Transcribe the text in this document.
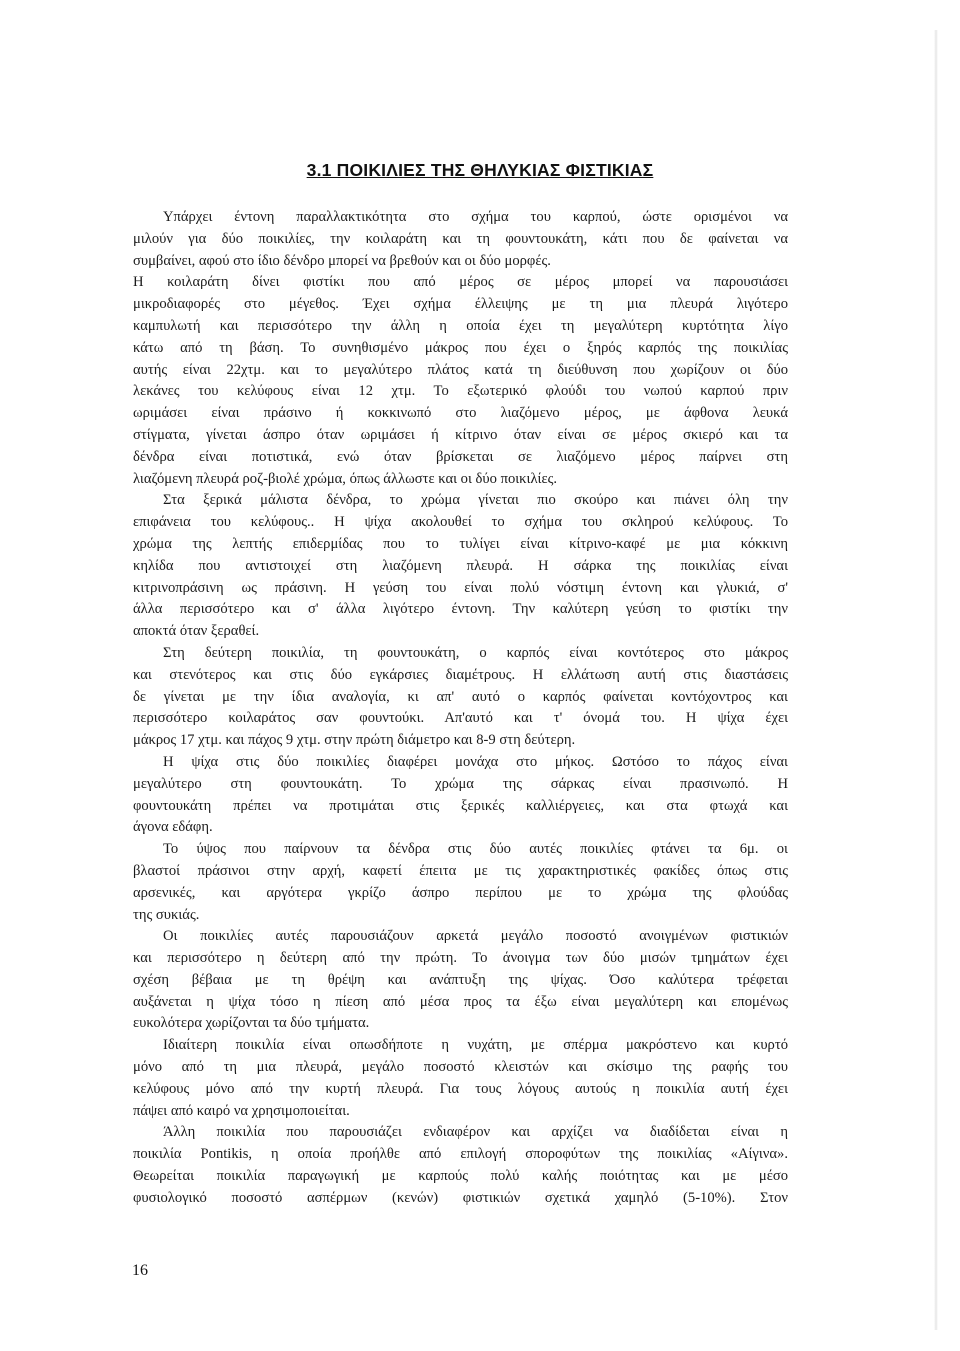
3.1 ΠΟΙΚΙΛΙΕΣ ΤΗΣ ΘΗΛΥΚΙΑΣ ΦΙΣΤΙΚΙΑΣ
Υπάρχει έντονη παραλλακτικότητα στο σχήμα του καρπού, ώστε ορισμένοι να
μιλούν για δύο ποικιλίες, την κοιλαράτη και τη φουντουκάτη, κάτι που δε φαίνεται να
συμβαίνει, αφού στο ίδιο δένδρο μπορεί να βρεθούν και οι δύο μορφές.
Η κοιλαράτη δίνει φιστίκι που από μέρος σε μέρος μπορεί να παρουσιάσει
μικροδιαφορές στο μέγεθος. Έχει σχήμα έλλειψης με τη μια πλευρά λιγότερο
καμπυλωτή και περισσότερο την άλλη η οποία έχει τη μεγαλύτερη κυρτότητα λίγο
κάτω από τη βάση. Το συνηθισμένο μάκρος που έχει ο ξηρός καρπός της ποικιλίας
αυτής είναι 22χτμ. και το μεγαλύτερο πλάτος κατά τη διεύθυνση που χωρίζουν οι δύο
λεκάνες του κελύφους είναι 12 χτμ. Το εξωτερικό φλούδι του νωπού καρπού πριν
ωριμάσει είναι πράσινο ή κοκκινωπό στο λιαζόμενο μέρος, με άφθονα λευκά
στίγματα, γίνεται άσπρο όταν ωριμάσει ή κίτρινο όταν είναι σε μέρος σκιερό και τα
δένδρα είναι ποτιστικά, ενώ όταν βρίσκεται σε λιαζόμενο μέρος παίρνει στη
λιαζόμενη πλευρά ροζ-βιολέ χρώμα, όπως άλλωστε και οι δύο ποικιλίες.
Στα ξερικά μάλιστα δένδρα, το χρώμα γίνεται πιο σκούρο και πιάνει όλη την
επιφάνεια του κελύφους.. Η ψίχα ακολουθεί το σχήμα του σκληρού κελύφους. Το
χρώμα της λεπτής επιδερμίδας που το τυλίγει είναι κίτρινο-καφέ με μια κόκκινη
κηλίδα που αντιστοιχεί στη λιαζόμενη πλευρά. Η σάρκα της ποικιλίας είναι
κιτρινοπράσινη ως πράσινη. Η γεύση του είναι πολύ νόστιμη έντονη και γλυκιά, σ'
άλλα περισσότερο και σ' άλλα λιγότερο έντονη. Την καλύτερη γεύση το φιστίκι την
αποκτά όταν ξεραθεί.
Στη δεύτερη ποικιλία, τη φουντουκάτη, ο καρπός είναι κοντότερος στο μάκρος
και στενότερος και στις δύο εγκάρσιες διαμέτρους. Η ελλάτωση αυτή στις διαστάσεις
δε γίνεται με την ίδια αναλογία, κι απ' αυτό ο καρπός φαίνεται κοντόχοντρος και
περισσότερο κοιλαράτος σαν φουντούκι. Απ'αυτό και τ' όνομά του. Η ψίχα έχει
μάκρος 17 χτμ. και πάχος 9 χτμ. στην πρώτη διάμετρο και 8-9 στη δεύτερη.
Η ψίχα στις δύο ποικιλίες διαφέρει μονάχα στο μήκος. Ωστόσο το πάχος είναι
μεγαλύτερο στη φουντουκάτη. Το χρώμα της σάρκας είναι πρασινωπό. Η
φουντουκάτη πρέπει να προτιμάται στις ξερικές καλλιέργειες, και στα φτωχά και
άγονα εδάφη.
Το ύψος που παίρνουν τα δένδρα στις δύο αυτές ποικιλίες φτάνει τα 6μ. οι
βλαστοί πράσινοι στην αρχή, καφετί έπειτα με τις χαρακτηριστικές φακίδες όπως στις
αρσενικές, και αργότερα γκρίζο άσπρο περίπου με το χρώμα της φλούδας
της συκιάς.
Οι ποικιλίες αυτές παρουσιάζουν αρκετά μεγάλο ποσοστό ανοιγμένων φιστικιών
και περισσότερο η δεύτερη από την πρώτη. Το άνοιγμα των δύο μισών τμημάτων έχει
σχέση βέβαια με τη θρέψη και ανάπτυξη της ψίχας. Όσο καλύτερα τρέφεται
αυξάνεται η ψίχα τόσο η πίεση από μέσα προς τα έξω είναι μεγαλύτερη και επομένως
ευκολότερα χωρίζονται τα δύο τμήματα.
Ιδιαίτερη ποικιλία είναι οπωσδήποτε η νυχάτη, με σπέρμα μακρόστενο και κυρτό
μόνο από τη μια πλευρά, μεγάλο ποσοστό κλειστών και σκίσιμο της ραφής του
κελύφους μόνο από την κυρτή πλευρά. Για τους λόγους αυτούς η ποικιλία αυτή έχει
πάψει από καιρό να χρησιμοποιείται.
Άλλη ποικιλία που παρουσιάζει ενδιαφέρον και αρχίζει να διαδίδεται είναι η
ποικιλία Pontikis, η οποία προήλθε από επιλογή σποροφύτων της ποικιλίας «Αίγινα».
Θεωρείται ποικιλία παραγωγική με καρπούς πολύ καλής ποιότητας και με μέσο
φυσιολογικό ποσοστό ασπέρμων (κενών) φιστικιών σχετικά χαμηλό (5-10%). Στον
16
